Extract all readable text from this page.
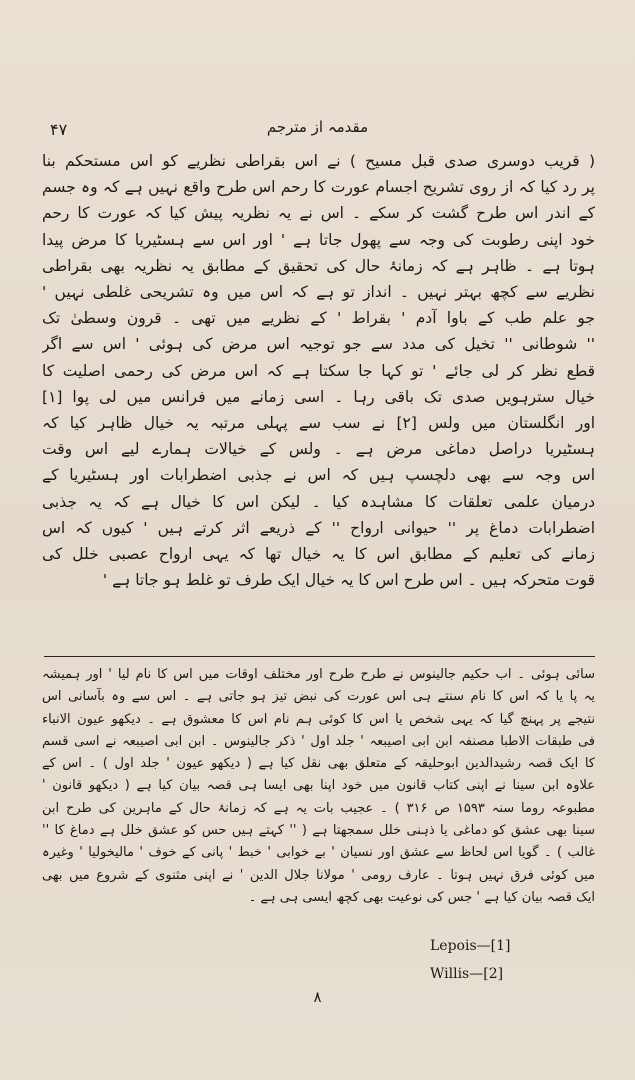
۴۷	مقدمہ از مترجم
( قریب دوسری صدی قبل مسیح ) نے اس بقراطی نظریے کو اس مستحکم بنا
پر رد کیا کہ از روی تشریح اجسام عورت کا رحم اس طرح واقع نہیں ہے کہ وہ جسم
کے اندر اس طرح گشت کر سکے ۔ اس نے یہ نظریہ پیش کیا کہ عورت کا رحم
خود اپنی رطوبت کی وجہ سے پھول جاتا ہے ' اور اس سے ہسٹیریا کا مرض پیدا
ہوتا ہے ۔ ظاہر ہے کہ زمانۂ حال کی تحقیق کے مطابق یہ نظریہ بھی بقراطی
نظریے سے کچھ بہتر نہیں ۔ انداز تو ہے کہ اس میں وہ تشریحی غلطی نہیں '
جو علم طب کے باوا آدم ' بقراط ' کے نظریے میں تھی ۔ قرون وسطیٰ تک
'' شوطانی '' تخیل کی مدد سے جو توجیہ اس مرض کی ہوئی ' اس سے اگر
قطع نظر کر لی جائے ' تو کہا جا سکتا ہے کہ اس مرض کی رحمی اصلیت کا
خیال سترہویں صدی تک باقی رہا ۔ اسی زمانے میں فرانس میں لی پوا [۱]
اور انگلستان میں ولس [۲] نے سب سے پہلی مرتبہ یہ خیال ظاہر کیا کہ
ہسٹیریا دراصل دماغی مرض ہے ۔ ولس کے خیالات ہمارے لیے اس وقت
اس وجہ سے بھی دلچسپ ہیں کہ اس نے جذبی اضطرابات اور ہسٹیریا کے
درمیان علمی تعلقات کا مشاہدہ کیا ۔ لیکن اس کا خیال ہے کہ یہ جذبی
اضطرابات دماغ پر '' حیوانی ارواح '' کے ذریعے اثر کرتے ہیں ' کیوں کہ اس
زمانے کی تعلیم کے مطابق اس کا یہ خیال تھا کہ یہی ارواح عصبی خلل کی
قوت متحرکہ ہیں ۔ اس طرح اس کا یہ خیال ایک طرف تو غلط ہو جاتا ہے '
سائی ہوئی ۔ اب حکیم جالینوس نے طرح طرح اور مختلف اوقات میں اس کا نام لیا ' اور ہمیشہ
یہ پا یا کہ اس کا نام سنتے ہی اس عورت کی نبض تیز ہو جاتی ہے ۔ اس سے وہ بآسانی اس
نتیجے پر پہنچ گیا کہ یہی شخص یا اس کا کوئی ہم نام اس کا معشوق ہے ۔ دیکھو عیون الانباء
فی طبقات الاطبا مصنفہ ابن ابی اصیبعہ ' جلد اول ' ذکر جالینوس ۔ ابن ابی اصیبعہ نے اسی قسم
کا ایک قصہ رشیدالدین ابوحلیقہ کے متعلق بھی نقل کیا ہے ( دیکھو عیون ' جلد اول ) ۔ اس کے
علاوہ ابن سینا نے اپنی کتاب قانون میں خود اپنا بھی ایسا ہی قصہ بیان کیا ہے ( دیکھو قانون '
مطبوعہ روما سنہ ۱۵۹۳ ص ۳۱۶ ) ۔ عجیب بات یہ ہے کہ زمانۂ حال کے ماہرین کی طرح ابن
سینا بھی عشق کو دماغی یا ذہنی خلل سمجھتا ہے ( '' کہتے ہیں حس کو عشق خلل ہے دماغ کا ''
غالب ) ۔ گویا اس لحاظ سے عشق اور نسیان ' بے خوابی ' خبط ' پانی کے خوف ' مالیخولیا ' وغیرہ
میں کوئی فرق نہیں ہوتا ۔ عارف رومی ' مولانا جلال الدین ' نے اپنی مثنوی کے شروع میں بھی
ایک قصہ بیان کیا ہے ' جس کی نوعیت بھی کچھ ایسی ہی ہے ۔
Lepois—[1]
Willis—[2]
۸
